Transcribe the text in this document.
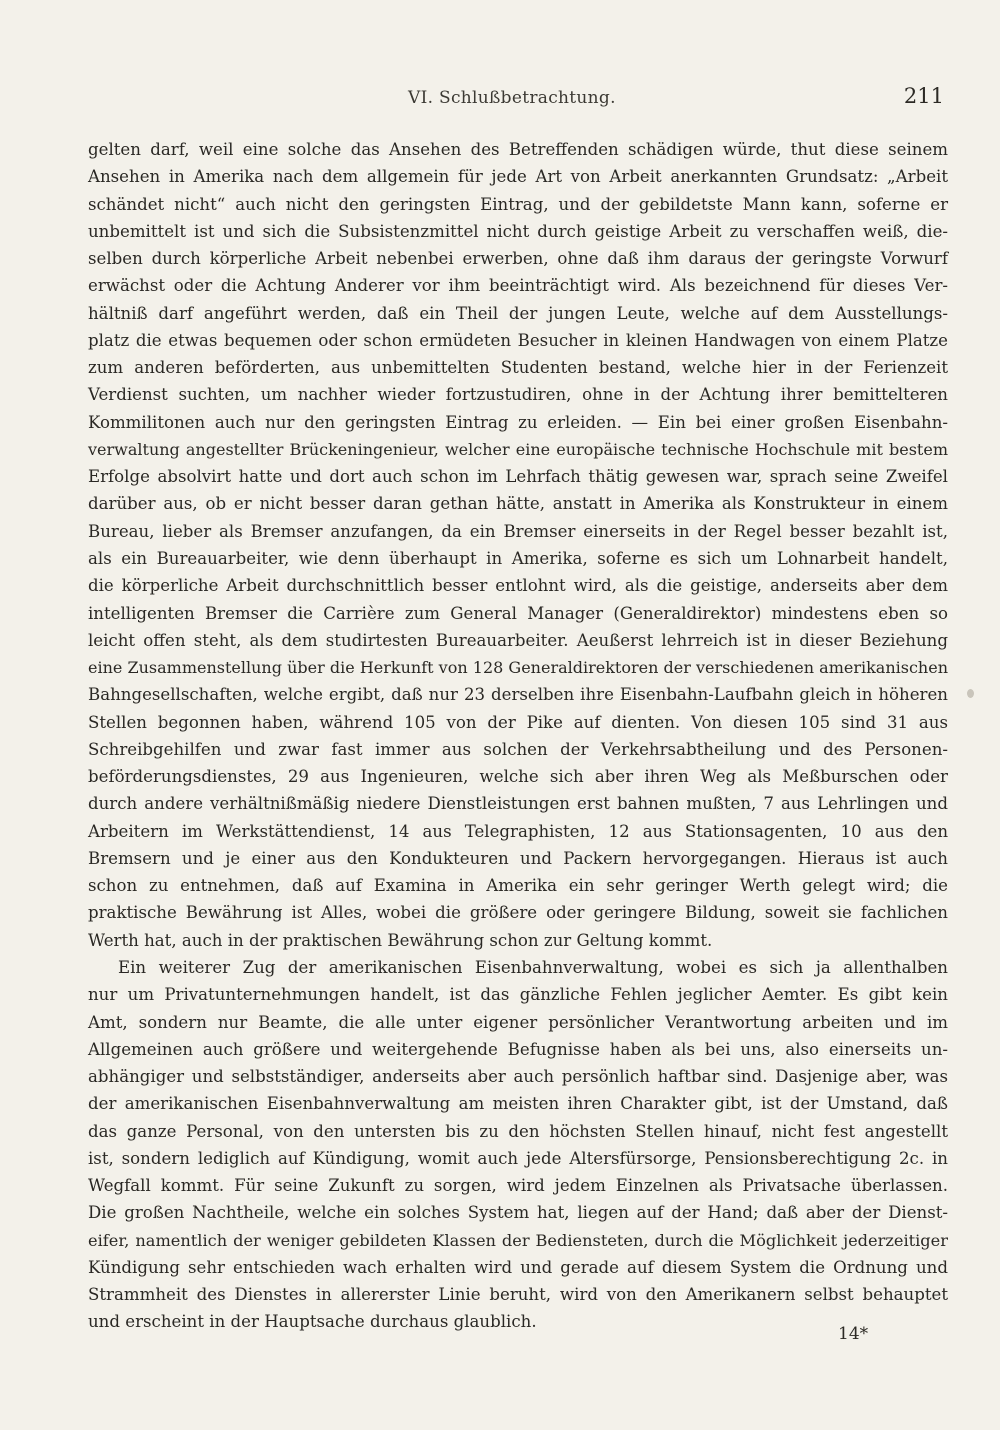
VI. Schlußbetrachtung.	211
gelten darf, weil eine solche das Ansehen des Betreffenden schädigen würde, thut diese seinem
Ansehen in Amerika nach dem allgemein für jede Art von Arbeit anerkannten Grundsatz: „Arbeit
schändet nicht“ auch nicht den geringsten Eintrag, und der gebildetste Mann kann, soferne er
unbemittelt ist und sich die Subsistenzmittel nicht durch geistige Arbeit zu verschaffen weiß, die-
selben durch körperliche Arbeit nebenbei erwerben, ohne daß ihm daraus der geringste Vorwurf
erwächst oder die Achtung Anderer vor ihm beeinträchtigt wird. Als bezeichnend für dieses Ver-
hältniß darf angeführt werden, daß ein Theil der jungen Leute, welche auf dem Ausstellungs-
platz die etwas bequemen oder schon ermüdeten Besucher in kleinen Handwagen von einem Platze
zum anderen beförderten, aus unbemittelten Studenten bestand, welche hier in der Ferienzeit
Verdienst suchten, um nachher wieder fortzustudiren, ohne in der Achtung ihrer bemittelteren
Kommilitonen auch nur den geringsten Eintrag zu erleiden. — Ein bei einer großen Eisenbahn-
verwaltung angestellter Brückeningenieur, welcher eine europäische technische Hochschule mit bestem
Erfolge absolvirt hatte und dort auch schon im Lehrfach thätig gewesen war, sprach seine Zweifel
darüber aus, ob er nicht besser daran gethan hätte, anstatt in Amerika als Konstrukteur in einem
Bureau, lieber als Bremser anzufangen, da ein Bremser einerseits in der Regel besser bezahlt ist,
als ein Bureauarbeiter, wie denn überhaupt in Amerika, soferne es sich um Lohnarbeit handelt,
die körperliche Arbeit durchschnittlich besser entlohnt wird, als die geistige, anderseits aber dem
intelligenten Bremser die Carrière zum General Manager (Generaldirektor) mindestens eben so
leicht offen steht, als dem studirtesten Bureauarbeiter. Aeußerst lehrreich ist in dieser Beziehung
eine Zusammenstellung über die Herkunft von 128 Generaldirektoren der verschiedenen amerikanischen
Bahngesellschaften, welche ergibt, daß nur 23 derselben ihre Eisenbahn-Laufbahn gleich in höheren
Stellen begonnen haben, während 105 von der Pike auf dienten. Von diesen 105 sind 31 aus
Schreibgehilfen und zwar fast immer aus solchen der Verkehrsabtheilung und des Personen-
beförderungsdienstes, 29 aus Ingenieuren, welche sich aber ihren Weg als Meßburschen oder
durch andere verhältnißmäßig niedere Dienstleistungen erst bahnen mußten, 7 aus Lehrlingen und
Arbeitern im Werkstättendienst, 14 aus Telegraphisten, 12 aus Stationsagenten, 10 aus den
Bremsern und je einer aus den Kondukteuren und Packern hervorgegangen. Hieraus ist auch
schon zu entnehmen, daß auf Examina in Amerika ein sehr geringer Werth gelegt wird; die
praktische Bewährung ist Alles, wobei die größere oder geringere Bildung, soweit sie fachlichen
Werth hat, auch in der praktischen Bewährung schon zur Geltung kommt.
Ein weiterer Zug der amerikanischen Eisenbahnverwaltung, wobei es sich ja allenthalben
nur um Privatunternehmungen handelt, ist das gänzliche Fehlen jeglicher Aemter. Es gibt kein
Amt, sondern nur Beamte, die alle unter eigener persönlicher Verantwortung arbeiten und im
Allgemeinen auch größere und weitergehende Befugnisse haben als bei uns, also einerseits un-
abhängiger und selbstständiger, anderseits aber auch persönlich haftbar sind. Dasjenige aber, was
der amerikanischen Eisenbahnverwaltung am meisten ihren Charakter gibt, ist der Umstand, daß
das ganze Personal, von den untersten bis zu den höchsten Stellen hinauf, nicht fest angestellt
ist, sondern lediglich auf Kündigung, womit auch jede Altersfürsorge, Pensionsberechtigung 2c. in
Wegfall kommt. Für seine Zukunft zu sorgen, wird jedem Einzelnen als Privatsache überlassen.
Die großen Nachtheile, welche ein solches System hat, liegen auf der Hand; daß aber der Dienst-
eifer, namentlich der weniger gebildeten Klassen der Bediensteten, durch die Möglichkeit jederzeitiger
Kündigung sehr entschieden wach erhalten wird und gerade auf diesem System die Ordnung und
Strammheit des Dienstes in allererster Linie beruht, wird von den Amerikanern selbst behauptet
und erscheint in der Hauptsache durchaus glaublich.
14*
